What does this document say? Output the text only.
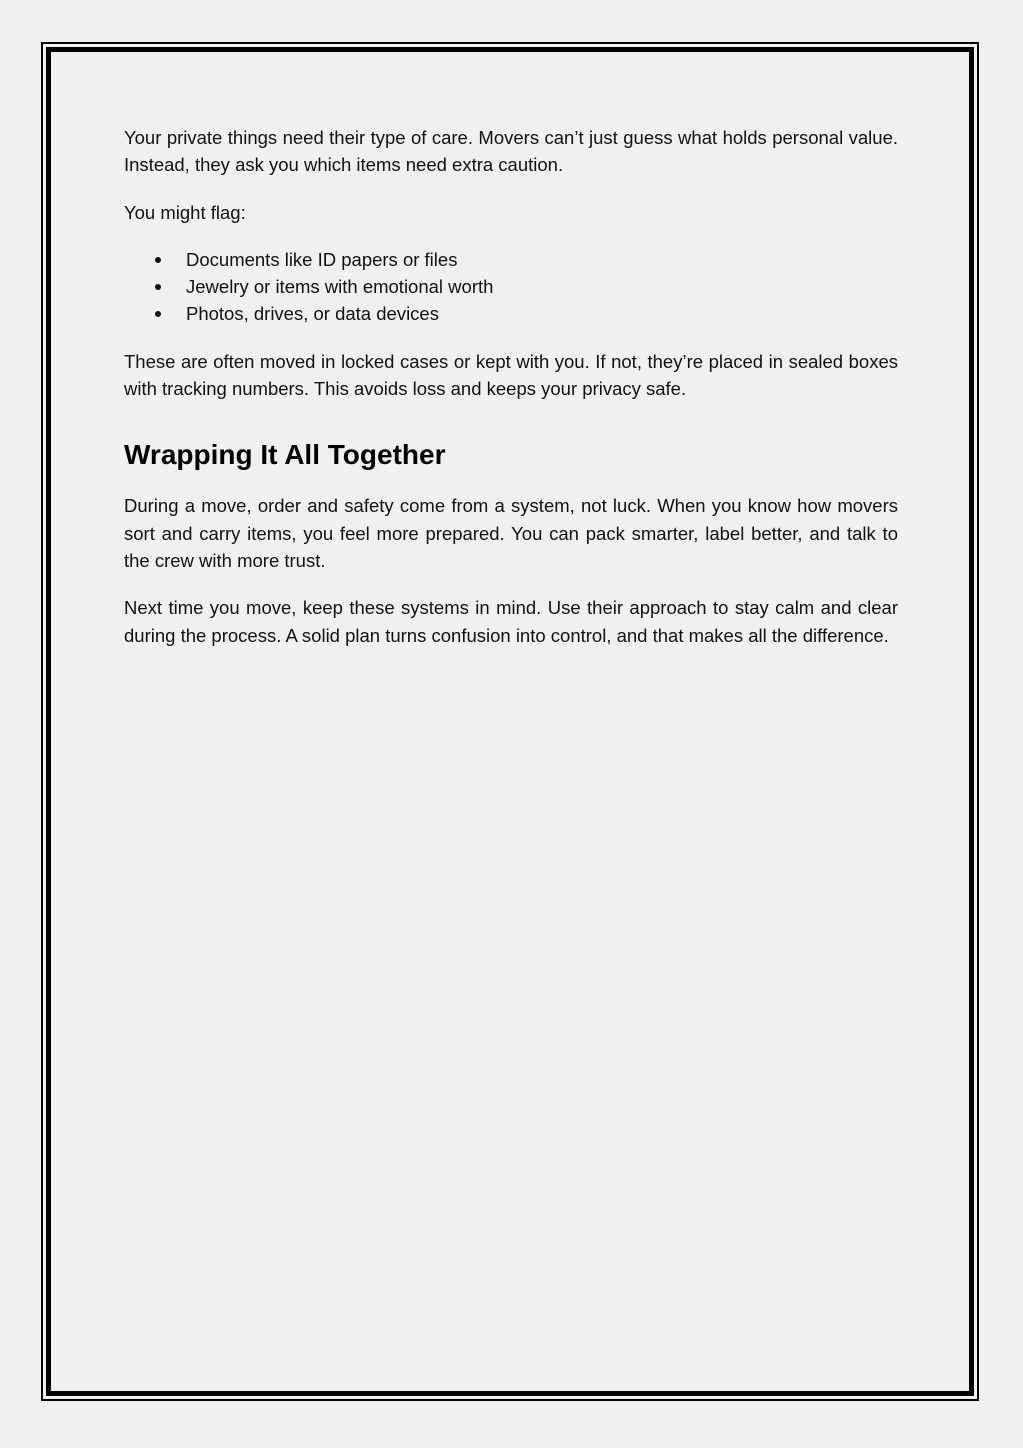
Your private things need their type of care. Movers can’t just guess what holds personal value. Instead, they ask you which items need extra caution.

You might flag:

Documents like ID papers or files
Jewelry or items with emotional worth
Photos, drives, or data devices

These are often moved in locked cases or kept with you. If not, they’re placed in sealed boxes with tracking numbers. This avoids loss and keeps your privacy safe.

Wrapping It All Together

During a move, order and safety come from a system, not luck. When you know how movers sort and carry items, you feel more prepared. You can pack smarter, label better, and talk to the crew with more trust.

Next time you move, keep these systems in mind. Use their approach to stay calm and clear during the process. A solid plan turns confusion into control, and that makes all the difference.
